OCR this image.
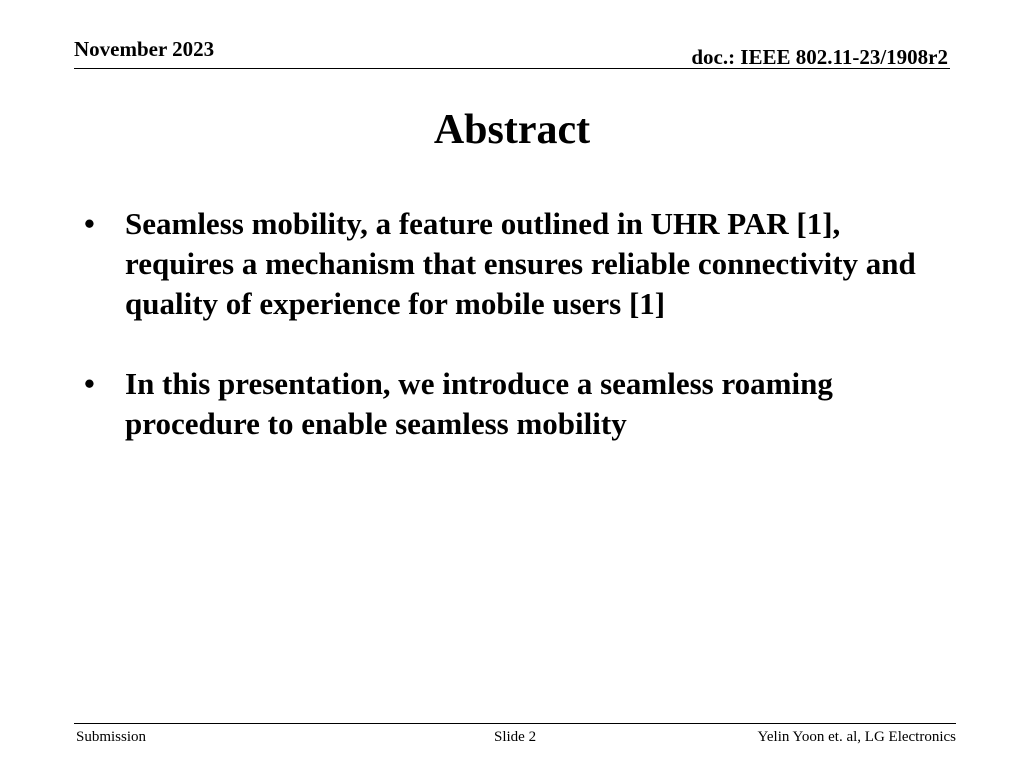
November 2023	doc.: IEEE 802.11-23/1908r2
Abstract
• Seamless mobility, a feature outlined in UHR PAR [1], requires a mechanism that ensures reliable connectivity and quality of experience for mobile users [1]
• In this presentation, we introduce a seamless roaming procedure to enable seamless mobility
Submission	Slide 2	Yelin Yoon et. al, LG Electronics
